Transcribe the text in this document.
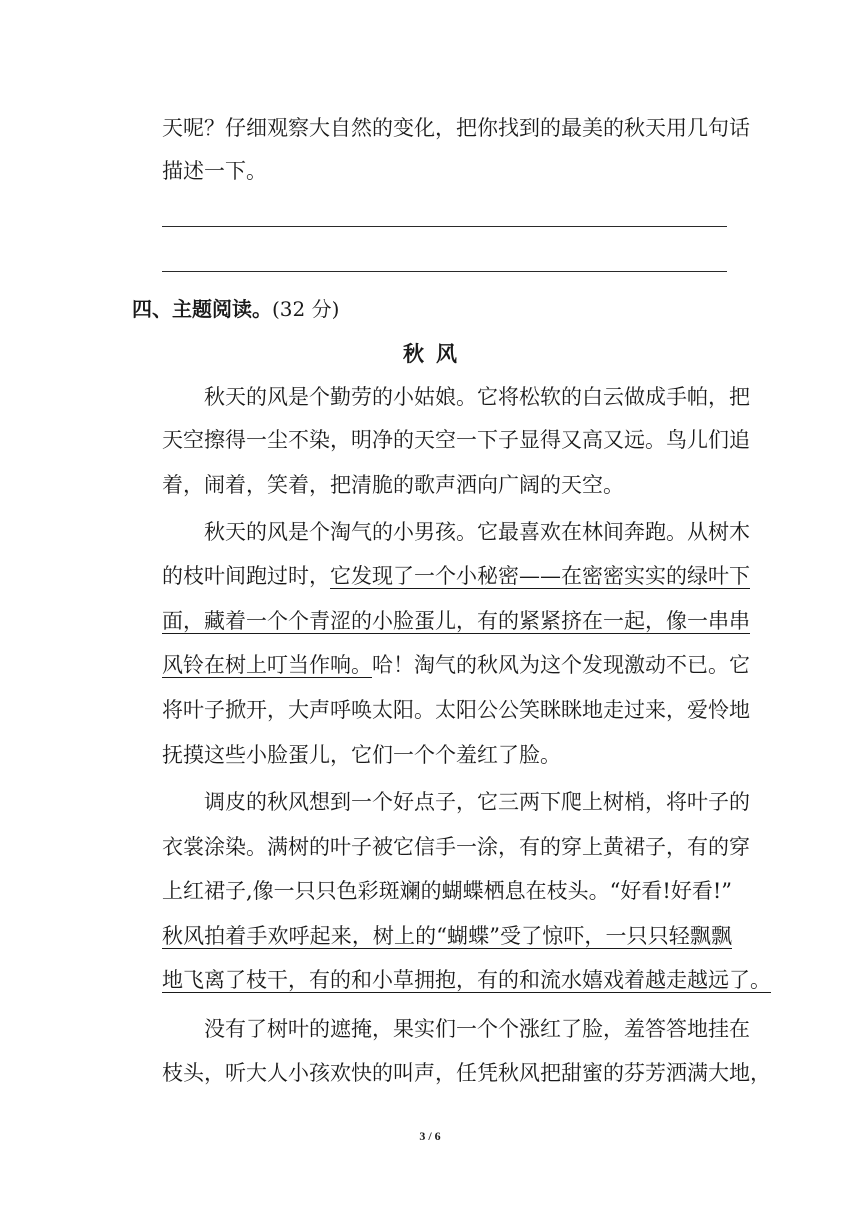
天呢？仔细观察大自然的变化，把你找到的最美的秋天用几句话
描述一下。
四、主题阅读。(32 分)
秋风
秋天的风是个勤劳的小姑娘。它将松软的白云做成手帕，把
天空擦得一尘不染，明净的天空一下子显得又高又远。鸟儿们追
着，闹着，笑着，把清脆的歌声洒向广阔的天空。
秋天的风是个淘气的小男孩。它最喜欢在林间奔跑。从树木
的枝叶间跑过时，它发现了一个小秘密——在密密实实的绿叶下
面，藏着一个个青涩的小脸蛋儿，有的紧紧挤在一起，像一串串
风铃在树上叮当作响。哈！淘气的秋风为这个发现激动不已。它
将叶子掀开，大声呼唤太阳。太阳公公笑眯眯地走过来，爱怜地
抚摸这些小脸蛋儿，它们一个个羞红了脸。
调皮的秋风想到一个好点子，它三两下爬上树梢，将叶子的
衣裳涂染。满树的叶子被它信手一涂，有的穿上黄裙子，有的穿
上红裙子,像一只只色彩斑斓的蝴蝶栖息在枝头。“好看!好看!”
秋风拍着手欢呼起来，树上的“蝴蝶”受了惊吓，一只只轻飘飘
地飞离了枝干，有的和小草拥抱，有的和流水嬉戏着越走越远了。
没有了树叶的遮掩，果实们一个个涨红了脸，羞答答地挂在
枝头，听大人小孩欢快的叫声，任凭秋风把甜蜜的芬芳洒满大地，
3 / 6
